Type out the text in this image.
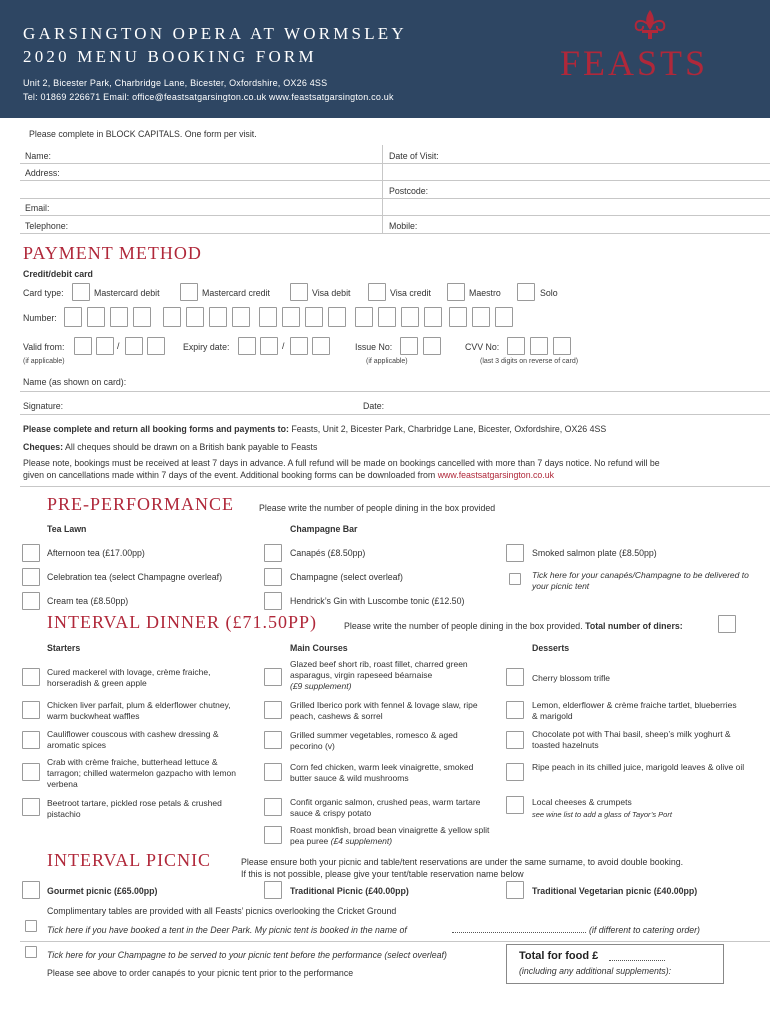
GARSINGTON OPERA AT WORMSLEY
2020 MENU BOOKING FORM
Unit 2, Bicester Park, Charbridge Lane, Bicester, Oxfordshire, OX26 4SS
Tel: 01869 226671 Email: office@feastsatgarsington.co.uk www.feastsatgarsington.co.uk
FEASTS
Please complete in BLOCK CAPITALS. One form per visit.
Name:	Date of Visit:
Address:
Postcode:
Email:
Telephone:	Mobile:
PAYMENT METHOD
Credit/debit card
Card type:	Mastercard debit	Mastercard credit	Visa debit	Visa credit	Maestro	Solo
Number:
Valid from:	/
(if applicable)
Expiry date:	/	Issue No:
(if applicable)
CVV No:
(last 3 digits on reverse of card)
Name (as shown on card):
Signature:	Date:
Please complete and return all booking forms and payments to: Feasts, Unit 2, Bicester Park, Charbridge Lane, Bicester, Oxfordshire, OX26 4SS
Cheques: All cheques should be drawn on a British bank payable to Feasts
Please note, bookings must be received at least 7 days in advance. A full refund will be made on bookings cancelled with more than 7 days notice. No refund will be
given on cancellations made within 7 days of the event. Additional booking forms can be downloaded from www.feastsatgarsington.co.uk
PRE-PERFORMANCE	Please write the number of people dining in the box provided
Tea Lawn	Champagne Bar
Afternoon tea (£17.00pp)
Celebration tea (select Champagne overleaf)
Cream tea (£8.50pp)
Canapés (£8.50pp)
Champagne (select overleaf)
Hendrick’s Gin with Luscombe tonic (£12.50)
Smoked salmon plate (£8.50pp)
Tick here for your canapés/Champagne to be delivered to your picnic tent
INTERVAL DINNER (£71.50PP)	Please write the number of people dining in the box provided. Total number of diners:
Starters	Main Courses	Desserts
Cured mackerel with lovage, crème fraiche, horseradish & green apple
Chicken liver parfait, plum & elderflower chutney, warm buckwheat waffles
Cauliflower couscous with cashew dressing & aromatic spices
Crab with crème fraiche, butterhead lettuce & tarragon; chilled watermelon gazpacho with lemon verbena
Beetroot tartare, pickled rose petals & crushed pistachio
Glazed beef short rib, roast fillet, charred green asparagus, virgin rapeseed béarnaise
(£9 supplement)
Grilled Iberico pork with fennel & lovage slaw, ripe peach, cashews & sorrel
Grilled summer vegetables, romesco & aged pecorino (v)
Corn fed chicken, warm leek vinaigrette, smoked butter sauce & wild mushrooms
Confit organic salmon, crushed peas, warm tartare sauce & crispy potato
Roast monkfish, broad bean vinaigrette & yellow split pea puree (£4 supplement)
Cherry blossom trifle
Lemon, elderflower & crème fraiche tartlet, blueberries & marigold
Chocolate pot with Thai basil, sheep’s milk yoghurt & toasted hazelnuts
Ripe peach in its chilled juice, marigold leaves & olive oil
Local cheeses & crumpets
see wine list to add a glass of Tayor’s Port
INTERVAL PICNIC	Please ensure both your picnic and table/tent reservations are under the same surname, to avoid double booking.
If this is not possible, please give your tent/table reservation name below
Gourmet picnic (£65.00pp)	Traditional Picnic (£40.00pp)	Traditional Vegetarian picnic (£40.00pp)
Complimentary tables are provided with all Feasts’ picnics overlooking the Cricket Ground
Tick here if you have booked a tent in the Deer Park. My picnic tent is booked in the name of	(if different to catering order)
Tick here for your Champagne to be served to your picnic tent before the performance (select overleaf)
Please see above to order canapés to your picnic tent prior to the performance
Total for food £
(including any additional supplements):
